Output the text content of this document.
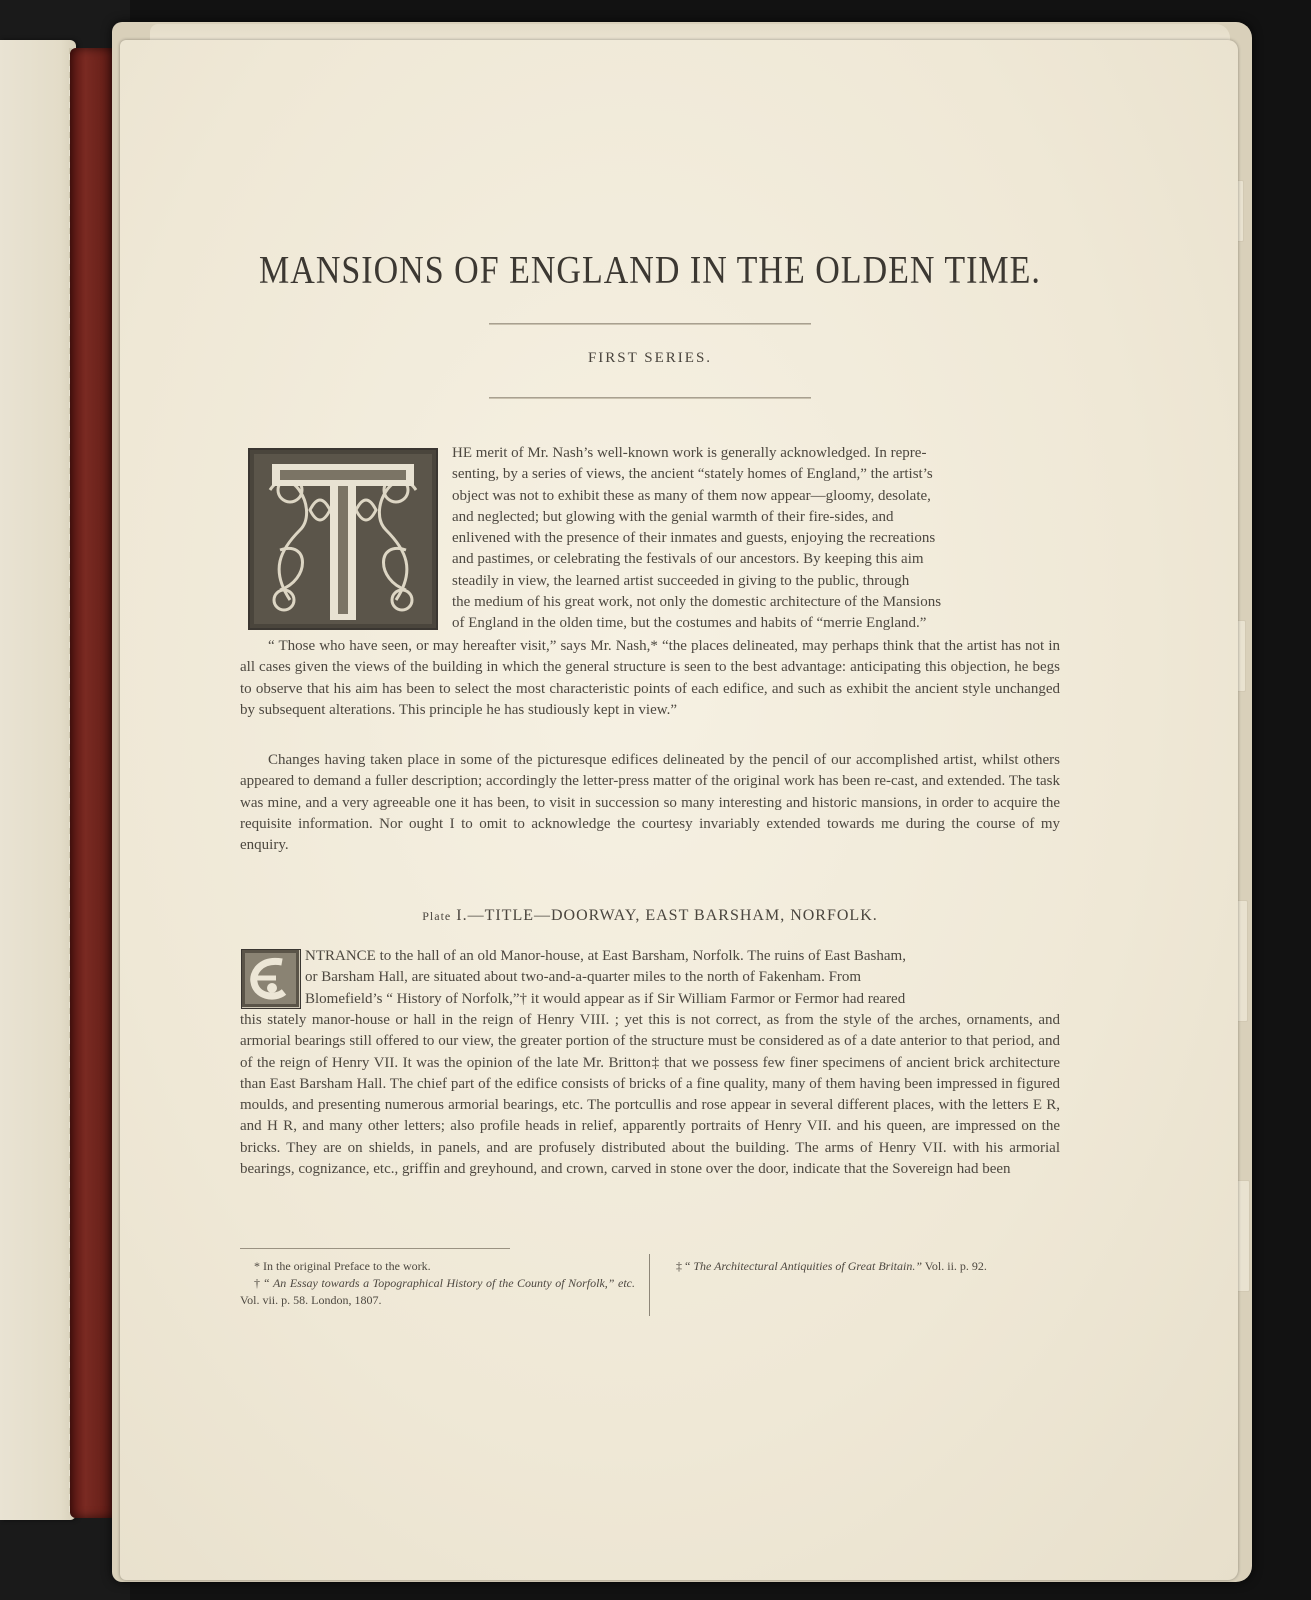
MANSIONS OF ENGLAND IN THE OLDEN TIME.
FIRST SERIES.
HE merit of Mr. Nash’s well-known work is generally acknowledged. In repre-
senting, by a series of views, the ancient “stately homes of England,” the artist’s
object was not to exhibit these as many of them now appear—gloomy, desolate,
and neglected; but glowing with the genial warmth of their fire-sides, and
enlivened with the presence of their inmates and guests, enjoying the recreations
and pastimes, or celebrating the festivals of our ancestors. By keeping this aim
steadily in view, the learned artist succeeded in giving to the public, through
the medium of his great work, not only the domestic architecture of the Mansions
of England in the olden time, but the costumes and habits of “merrie England.”

“ Those who have seen, or may hereafter visit,” says Mr. Nash,* “the places delineated, may perhaps think that the artist has not in all cases given the views of the building in which the general structure is seen to the best advantage: anticipating this objection, he begs to observe that his aim has been to select the most characteristic points of each edifice, and such as exhibit the ancient style unchanged by subsequent alterations. This principle he has studiously kept in view.”

Changes having taken place in some of the picturesque edifices delineated by the pencil of our accomplished artist, whilst others appeared to demand a fuller description; accordingly the letter-press matter of the original work has been re-cast, and extended. The task was mine, and a very agreeable one it has been, to visit in succession so many interesting and historic mansions, in order to acquire the requisite information. Nor ought I to omit to acknowledge the courtesy invariably extended towards me during the course of my enquiry.

Plate I.—TITLE—DOORWAY, EAST BARSHAM, NORFOLK.
NTRANCE to the hall of an old Manor-house, at East Barsham, Norfolk. The ruins of East Basham,
or Barsham Hall, are situated about two-and-a-quarter miles to the north of Fakenham. From
Blomefield’s “ History of Norfolk,”† it would appear as if Sir William Farmor or Fermor had reared

this stately manor-house or hall in the reign of Henry VIII. ; yet this is not correct, as from the style of the arches, ornaments, and armorial bearings still offered to our view, the greater portion of the structure must be considered as of a date anterior to that period, and of the reign of Henry VII. It was the opinion of the late Mr. Britton‡ that we possess few finer specimens of ancient brick architecture than East Barsham Hall. The chief part of the edifice consists of bricks of a fine quality, many of them having been impressed in figured moulds, and presenting numerous armorial bearings, etc. The portcullis and rose appear in several different places, with the letters E R, and H R, and many other letters; also profile heads in relief, apparently portraits of Henry VII. and his queen, are impressed on the bricks. They are on shields, in panels, and are profusely distributed about the building. The arms of Henry VII. with his armorial bearings, cognizance, etc., griffin and greyhound, and crown, carved in stone over the door, indicate that the Sovereign had been

* In the original Preface to the work.
† “ An Essay towards a Topographical History of the County of Norfolk,” etc. Vol. vii. p. 58. London, 1807.
‡ “ The Architectural Antiquities of Great Britain.” Vol. ii. p. 92.
